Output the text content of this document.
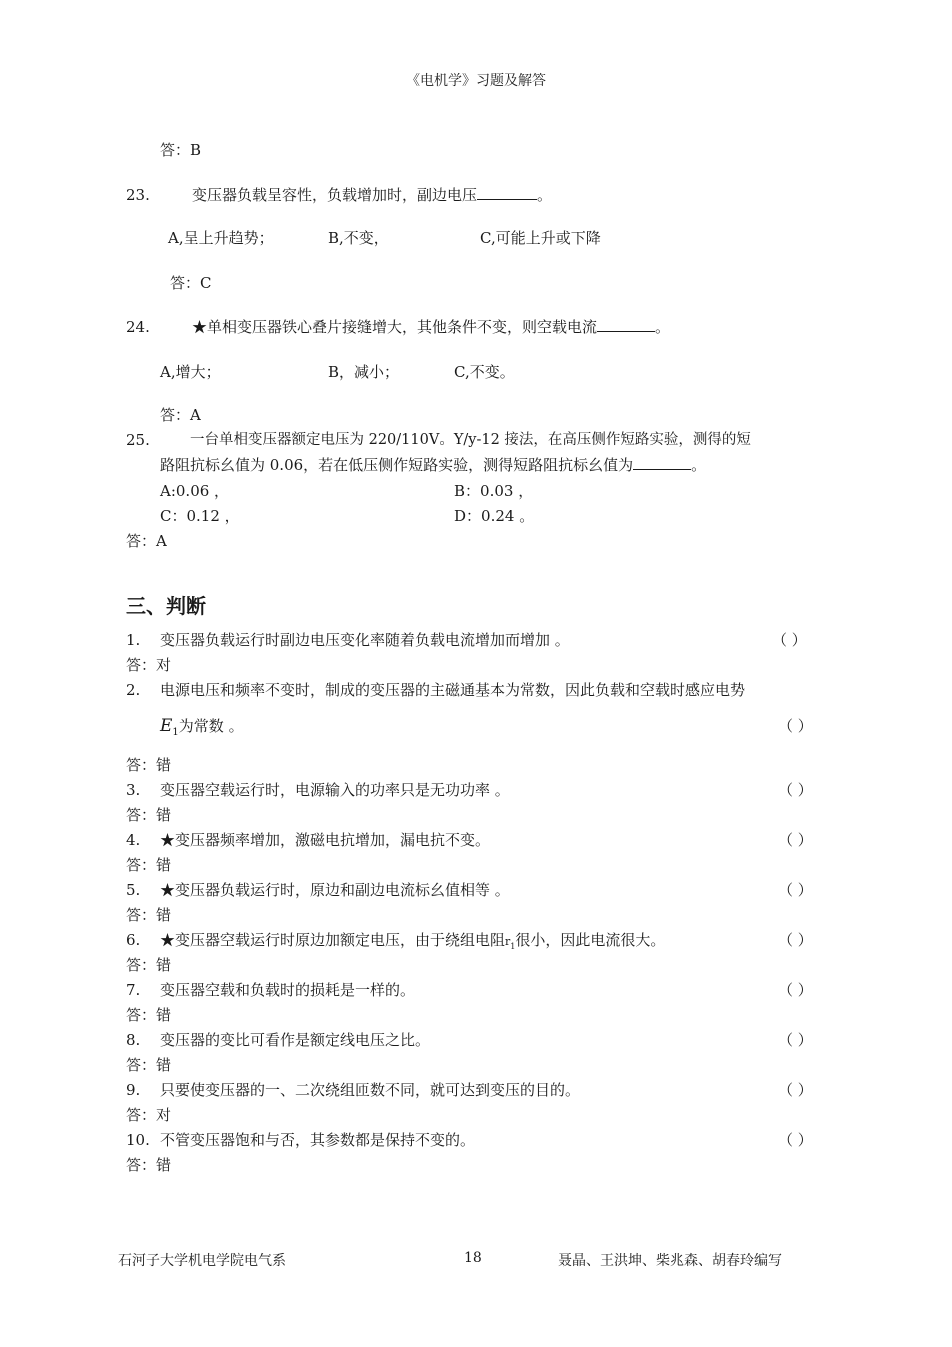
《电机学》习题及解答
答：B
23.	变压器负载呈容性，负载增加时，副边电压	。
A,呈上升趋势；	B,不变，	C,可能上升或下降
答：C
24.	★单相变压器铁心叠片接缝增大，其他条件不变，则空载电流	。
A,增大；	B，减小；	C,不变。
答：A
25.	一台单相变压器额定电压为 220/110V。Y/y-12 接法，在高压侧作短路实验，测得的短
路阻抗标幺值为 0.06，若在低压侧作短路实验，测得短路阻抗标幺值为	。
A:0.06 ，	B：0.03 ，
C：0.12 ，	D：0.24 。
答：A
三、判断
1. 变压器负载运行时副边电压变化率随着负载电流增加而增加 。	（ ）
答：对
2. 电源电压和频率不变时，制成的变压器的主磁通基本为常数，因此负载和空载时感应电势
$E_1$为常数 。	（ ）
答：错
3. 变压器空载运行时，电源输入的功率只是无功功率 。	（ ）
答：错
4. ★变压器频率增加，激磁电抗增加，漏电抗不变。	（ ）
答：错
5. ★变压器负载运行时，原边和副边电流标幺值相等 。	（ ）
答：错
6. ★变压器空载运行时原边加额定电压，由于绕组电阻$r_1$很小，因此电流很大。	（ ）
答：错
7. 变压器空载和负载时的损耗是一样的。	（ ）
答：错
8. 变压器的变比可看作是额定线电压之比。	（ ）
答：错
9. 只要使变压器的一、二次绕组匝数不同，就可达到变压的目的。	（ ）
答：对
10. 不管变压器饱和与否，其参数都是保持不变的。	（ ）
答：错
石河子大学机电学院电气系	18	聂晶、王洪坤、柴兆森、胡春玲编写
